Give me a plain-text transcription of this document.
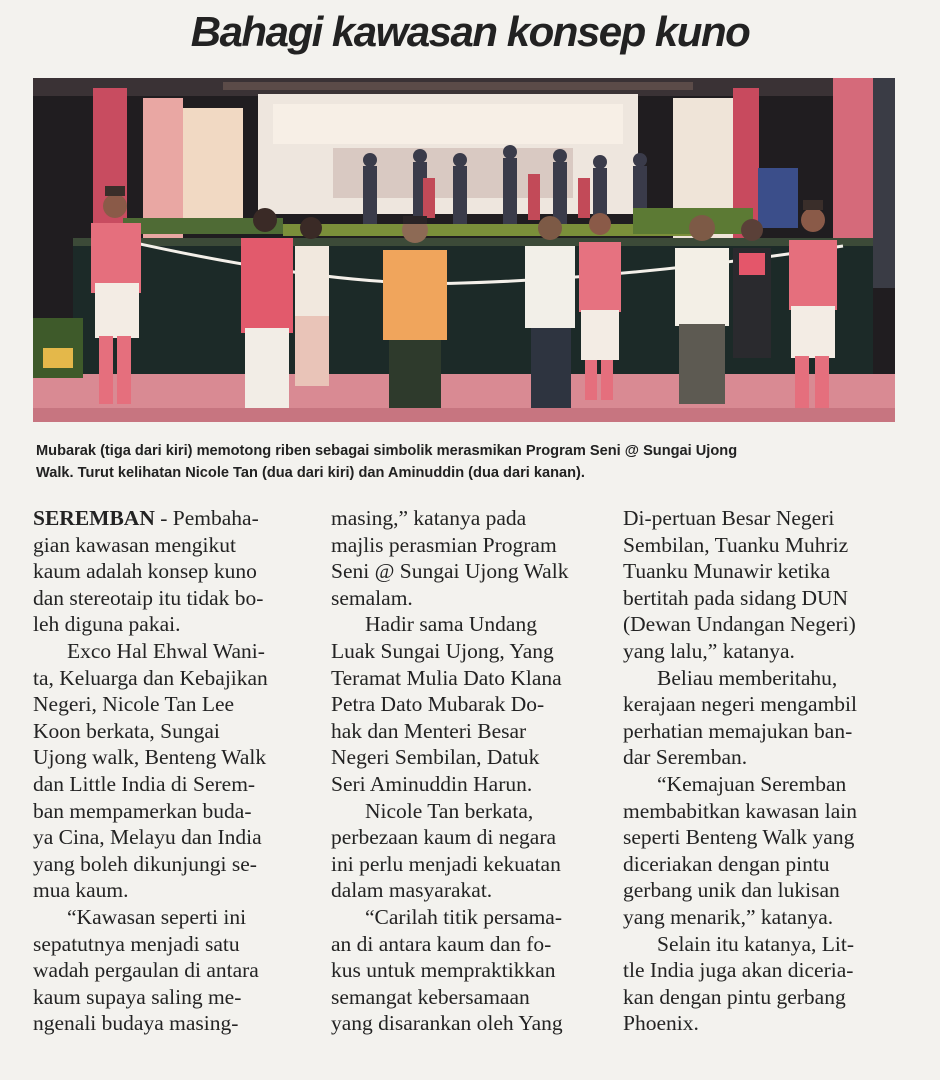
Bahagi kawasan konsep kuno
Mubarak (tiga dari kiri) memotong riben sebagai simbolik merasmikan Program Seni @ Sungai Ujong
Walk. Turut kelihatan Nicole Tan (dua dari kiri) dan Aminuddin (dua dari kanan).

SEREMBAN - Pembaha-

gian kawasan mengikut

kaum adalah konsep kuno

dan stereotaip itu tidak bo-

leh diguna pakai.

Exco Hal Ehwal Wani-

ta, Keluarga dan Kebajikan

Negeri, Nicole Tan Lee

Koon berkata, Sungai

Ujong walk, Benteng Walk

dan Little India di Serem-

ban mempamerkan buda-

ya Cina, Melayu dan India

yang boleh dikunjungi se-

mua kaum.

“Kawasan seperti ini

sepatutnya menjadi satu

wadah pergaulan di antara

kaum supaya saling me-

ngenali budaya masing-

masing,” katanya pada

majlis perasmian Program

Seni @ Sungai Ujong Walk

semalam.

Hadir sama Undang

Luak Sungai Ujong, Yang

Teramat Mulia Dato Klana

Petra Dato Mubarak Do-

hak dan Menteri Besar

Negeri Sembilan, Datuk

Seri Aminuddin Harun.

Nicole Tan berkata,

perbezaan kaum di negara

ini perlu menjadi kekuatan

dalam masyarakat.

“Carilah titik persama-

an di antara kaum dan fo-

kus untuk mempraktikkan

semangat kebersamaan

yang disarankan oleh Yang

Di-pertuan Besar Negeri

Sembilan, Tuanku Muhriz

Tuanku Munawir ketika

bertitah pada sidang DUN

(Dewan Undangan Negeri)

yang lalu,” katanya.

Beliau memberitahu,

kerajaan negeri mengambil

perhatian memajukan ban-

dar Seremban.

“Kemajuan Seremban

membabitkan kawasan lain

seperti Benteng Walk yang

diceriakan dengan pintu

gerbang unik dan lukisan

yang menarik,” katanya.

Selain itu katanya, Lit-

tle India juga akan diceria-

kan dengan pintu gerbang

Phoenix.
